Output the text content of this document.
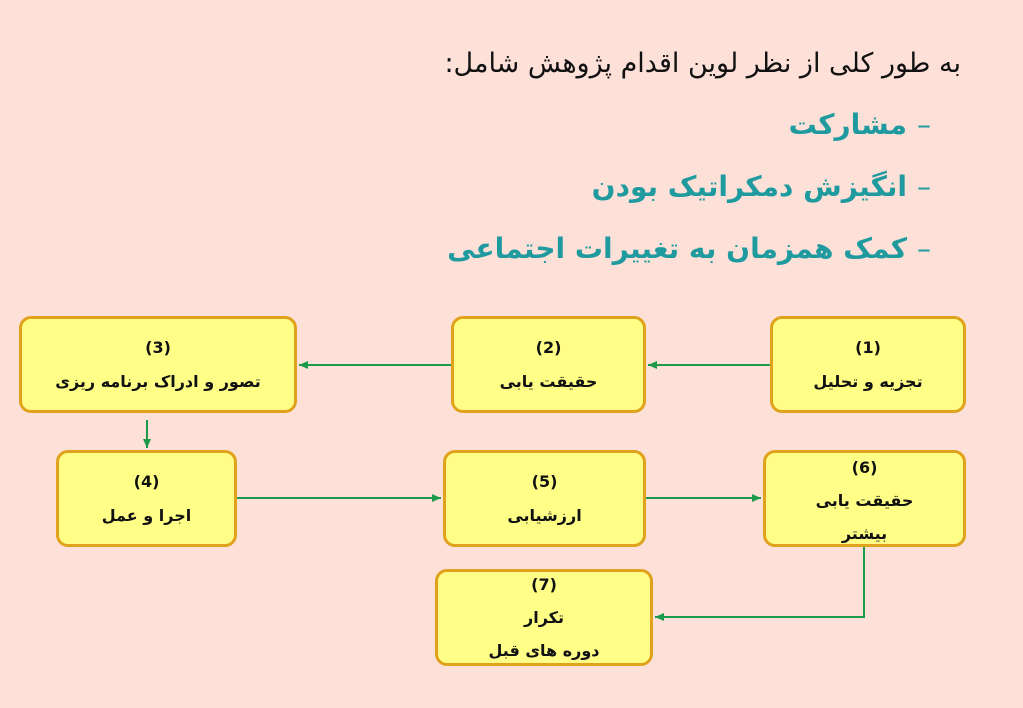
به طور کلی از نظر لوین اقدام پژوهش شامل:
–مشارکت
–انگیزش دمکراتیک بودن
–کمک همزمان به تغییرات اجتماعی
(1)
تجزیه و تحلیل
(2)
حقیقت یابی
(3)
تصور و ادراک برنامه ریزی
(4)
اجرا و عمل
(5)
ارزشیابی
(6)
حقیقت یابی
بیشتر
(7)
تکرار
دوره های قبل
